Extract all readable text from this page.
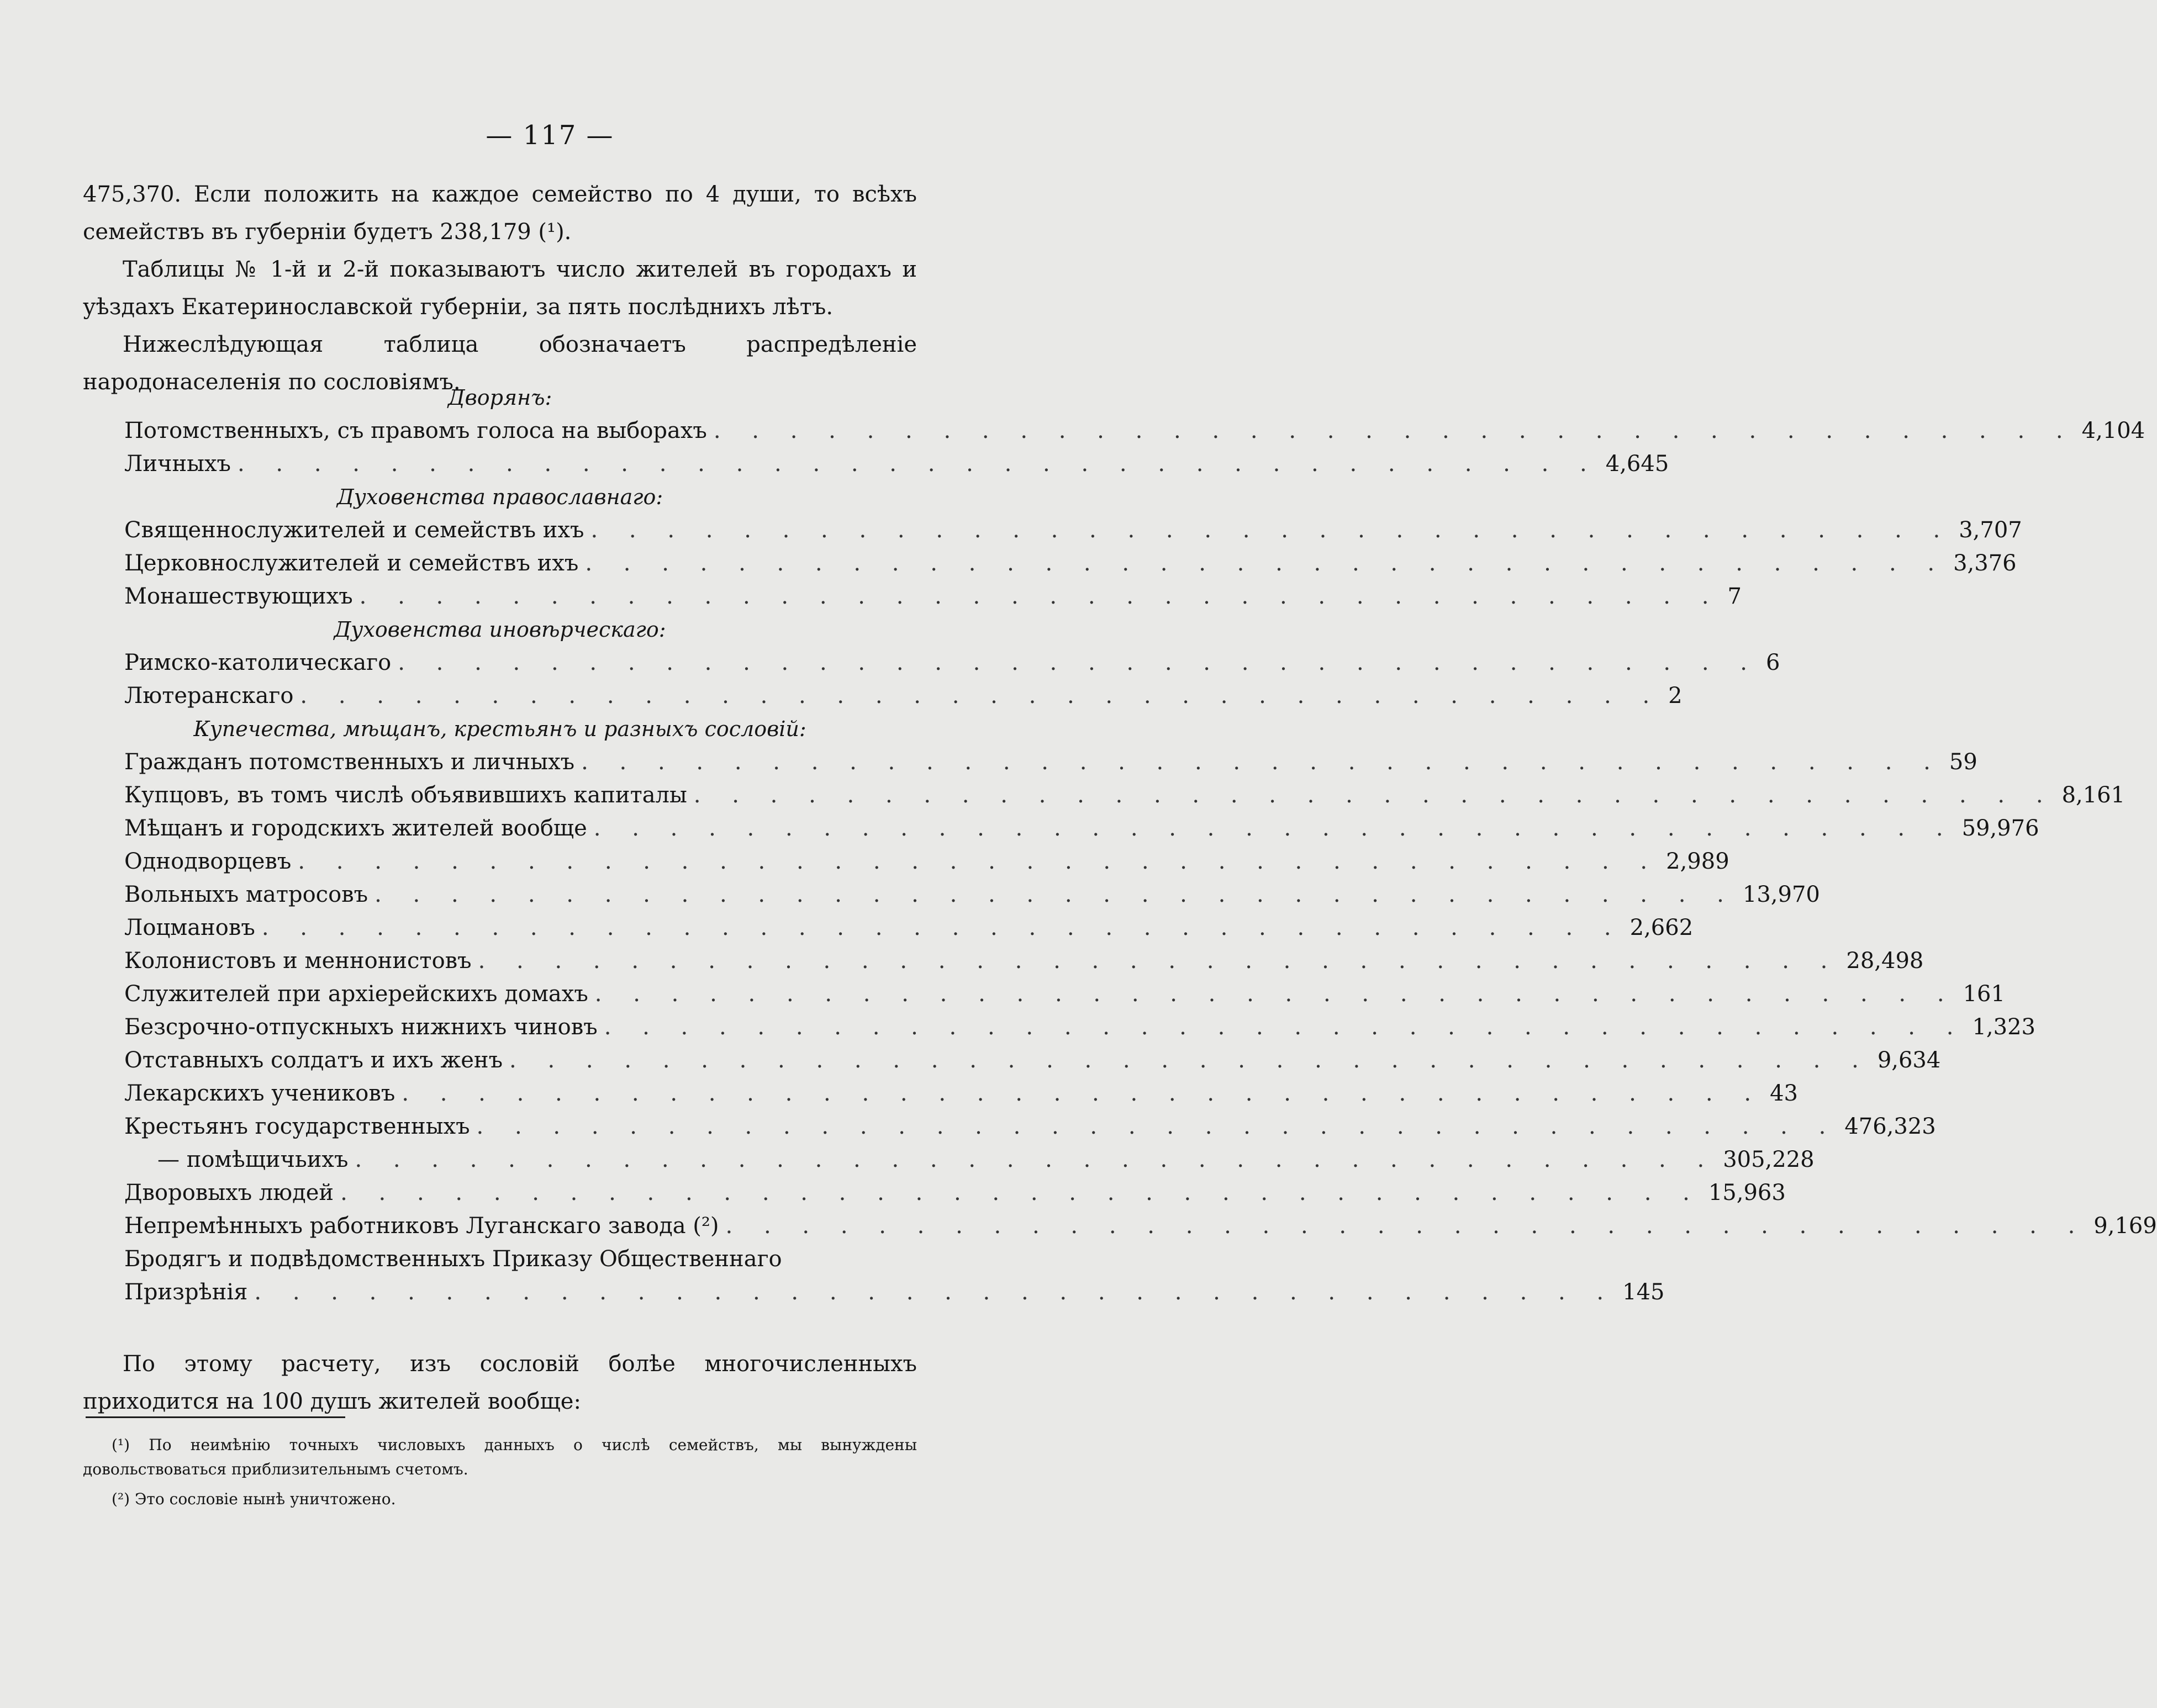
— 117 —

475,370. Если положить на каждое семейство по 4 души, то всѣхъ семействъ въ губерніи будетъ 238,179 (¹).

Таблицы № 1-й и 2-й показываютъ число жителей въ городахъ и уѣздахъ Екатеринославской губерніи, за пять послѣднихъ лѣтъ.

Нижеслѣдующая таблица обозначаетъ распредѣленіе народонаселенія по сословіямъ.

Дворянъ:
Потомственныхъ, съ правомъ голоса на выборахъ . . . . . . . . . . . . . . . . . . . . . . . . . . . . . . . . . . . . 4,104
Личныхъ . . . . . . . . . . . . . . . . . . . . . . . . . . . . . . . . . . . . 4,645
Духовенства православнаго:
Священнослужителей и семействъ ихъ . . . . . . . . . . . . . . . . . . . . . . . . . . . . . . . . . . . . 3,707
Церковнослужителей и семействъ ихъ . . . . . . . . . . . . . . . . . . . . . . . . . . . . . . . . . . . . 3,376
Монашествующихъ . . . . . . . . . . . . . . . . . . . . . . . . . . . . . . . . . . . . 7
Духовенства иновѣрческаго:
Римско-католическаго . . . . . . . . . . . . . . . . . . . . . . . . . . . . . . . . . . . . 6
Лютеранскаго . . . . . . . . . . . . . . . . . . . . . . . . . . . . . . . . . . . . 2
Купечества, мѣщанъ, крестьянъ и разныхъ сословій:
Гражданъ потомственныхъ и личныхъ . . . . . . . . . . . . . . . . . . . . . . . . . . . . . . . . . . . . 59
Купцовъ, въ томъ числѣ объявившихъ капиталы . . . . . . . . . . . . . . . . . . . . . . . . . . . . . . . . . . . . 8,161
Мѣщанъ и городскихъ жителей вообще . . . . . . . . . . . . . . . . . . . . . . . . . . . . . . . . . . . . 59,976
Однодворцевъ . . . . . . . . . . . . . . . . . . . . . . . . . . . . . . . . . . . . 2,989
Вольныхъ матросовъ . . . . . . . . . . . . . . . . . . . . . . . . . . . . . . . . . . . . 13,970
Лоцмановъ . . . . . . . . . . . . . . . . . . . . . . . . . . . . . . . . . . . . 2,662
Колонистовъ и меннонистовъ . . . . . . . . . . . . . . . . . . . . . . . . . . . . . . . . . . . . 28,498
Служителей при архіерейскихъ домахъ . . . . . . . . . . . . . . . . . . . . . . . . . . . . . . . . . . . . 161
Безсрочно-отпускныхъ нижнихъ чиновъ . . . . . . . . . . . . . . . . . . . . . . . . . . . . . . . . . . . . 1,323
Отставныхъ солдатъ и ихъ женъ . . . . . . . . . . . . . . . . . . . . . . . . . . . . . . . . . . . . 9,634
Лекарскихъ учениковъ . . . . . . . . . . . . . . . . . . . . . . . . . . . . . . . . . . . . 43
Крестьянъ государственныхъ . . . . . . . . . . . . . . . . . . . . . . . . . . . . . . . . . . . . 476,323
— помѣщичьихъ . . . . . . . . . . . . . . . . . . . . . . . . . . . . . . . . . . . . 305,228
Дворовыхъ людей . . . . . . . . . . . . . . . . . . . . . . . . . . . . . . . . . . . . 15,963
Непремѣнныхъ работниковъ Луганскаго завода (²) . . . . . . . . . . . . . . . . . . . . . . . . . . . . . . . . . . . . 9,169
Бродягъ и подвѣдомственныхъ Приказу Общественнаго
Призрѣнія . . . . . . . . . . . . . . . . . . . . . . . . . . . . . . . . . . . . 145

По этому расчету, изъ сословій болѣе многочисленныхъ приходится на 100 душъ жителей вообще:

(¹) По неимѣнію точныхъ числовыхъ данныхъ о числѣ семействъ, мы вынуждены довольствоваться приблизительнымъ счетомъ.

(²) Это сословіе нынѣ уничтожено.
